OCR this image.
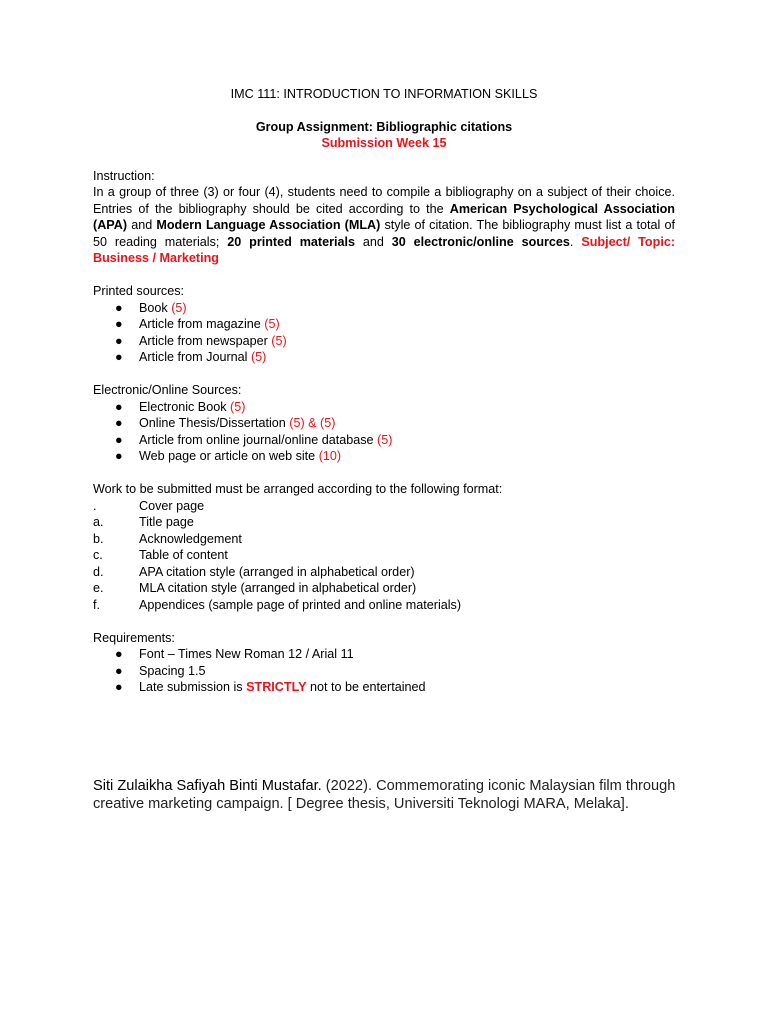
IMC 111: INTRODUCTION TO INFORMATION SKILLS
Group Assignment: Bibliographic citations
Submission Week 15
Instruction:
In a group of three (3) or four (4), students need to compile a bibliography on a subject of their choice. Entries of the bibliography should be cited according to the American Psychological Association (APA) and Modern Language Association (MLA) style of citation. The bibliography must list a total of 50 reading materials; 20 printed materials and 30 electronic/online sources. Subject/ Topic: Business / Marketing
Printed sources:
● Book (5)
● Article from magazine (5)
● Article from newspaper (5)
● Article from Journal (5)
Electronic/Online Sources:
● Electronic Book (5)
● Online Thesis/Dissertation (5) & (5)
● Article from online journal/online database (5)
● Web page or article on web site (10)
Work to be submitted must be arranged according to the following format:
.	Cover page
a.	Title page
b.	Acknowledgement
c.	Table of content
d.	APA citation style (arranged in alphabetical order)
e.	MLA citation style (arranged in alphabetical order)
f.	Appendices (sample page of printed and online materials)
Requirements:
● Font – Times New Roman 12 / Arial 11
● Spacing 1.5
● Late submission is STRICTLY not to be entertained
Siti Zulaikha Safiyah Binti Mustafar. (2022). Commemorating iconic Malaysian film through creative marketing campaign. [ Degree thesis, Universiti Teknologi MARA, Melaka].
